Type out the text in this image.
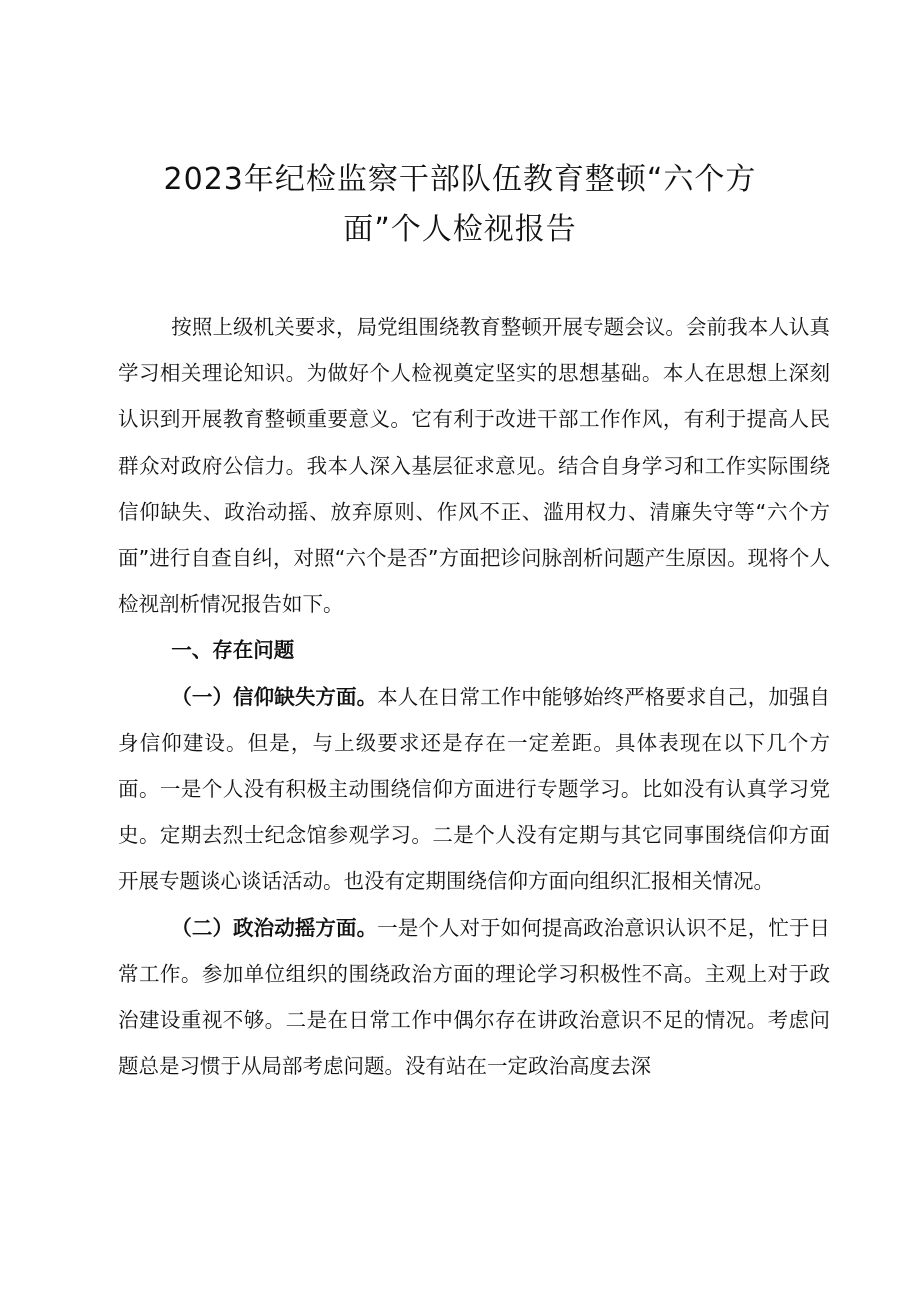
2023年纪检监察干部队伍教育整顿“六个方
面”个人检视报告

按照上级机关要求，局党组围绕教育整顿开展专题会议。会前我本人认真学习相关理论知识。为做好个人检视奠定坚实的思想基础。本人在思想上深刻认识到开展教育整顿重要意义。它有利于改进干部工作作风，有利于提高人民群众对政府公信力。我本人深入基层征求意见。结合自身学习和工作实际围绕信仰缺失、政治动摇、放弃原则、作风不正、滥用权力、清廉失守等“六个方面”进行自查自纠，对照“六个是否”方面把诊问脉剖析问题产生原因。现将个人检视剖析情况报告如下。

一、存在问题

（一）信仰缺失方面。本人在日常工作中能够始终严格要求自己，加强自身信仰建设。但是，与上级要求还是存在一定差距。具体表现在以下几个方面。一是个人没有积极主动围绕信仰方面进行专题学习。比如没有认真学习党史。定期去烈士纪念馆参观学习。二是个人没有定期与其它同事围绕信仰方面开展专题谈心谈话活动。也没有定期围绕信仰方面向组织汇报相关情况。

（二）政治动摇方面。一是个人对于如何提高政治意识认识不足，忙于日常工作。参加单位组织的围绕政治方面的理论学习积极性不高。主观上对于政治建设重视不够。二是在日常工作中偶尔存在讲政治意识不足的情况。考虑问题总是习惯于从局部考虑问题。没有站在一定政治高度去深
